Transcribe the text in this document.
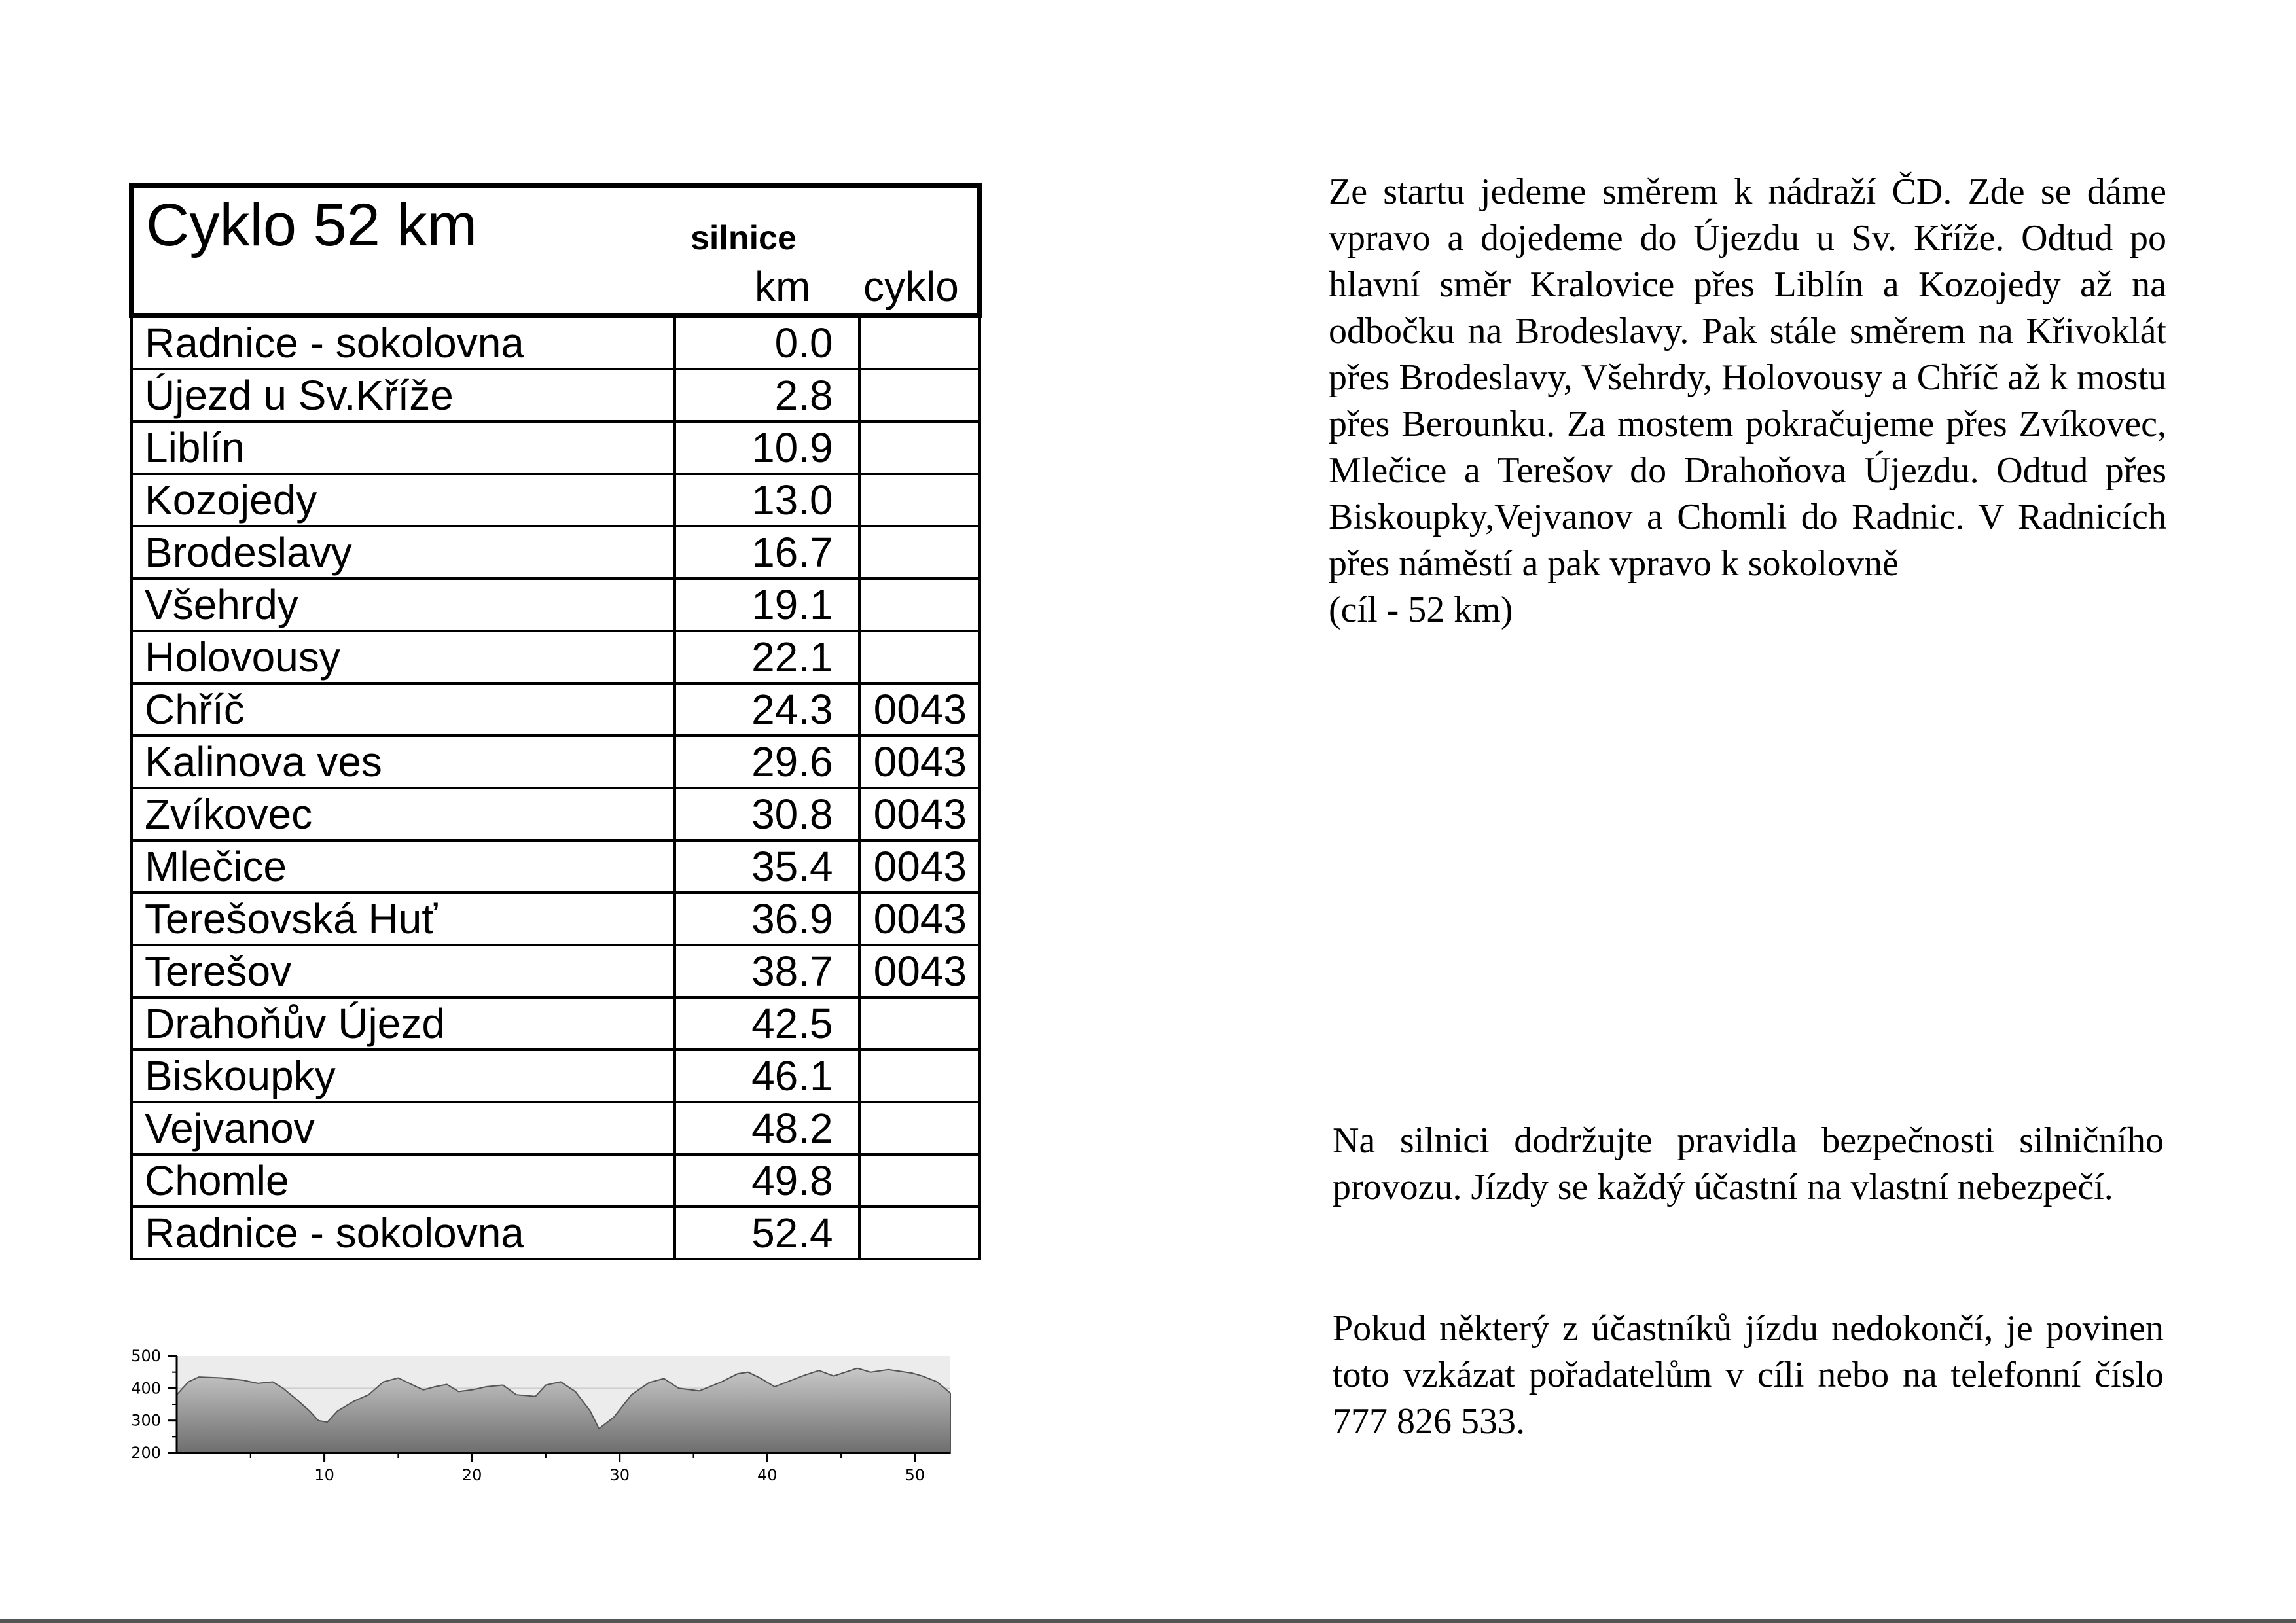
Cyklo 52 km silnice
km cyklo		

Radnice - sokolovna	0.0	
Újezd u Sv.Kříže	2.8	
Liblín	10.9	
Kozojedy	13.0	
Brodeslavy	16.7	
Všehrdy	19.1	
Holovousy	22.1	
Chříč	24.3	0043
Kalinova ves	29.6	0043
Zvíkovec	30.8	0043
Mlečice	35.4	0043
Terešovská Huť	36.9	0043
Terešov	38.7	0043
Drahoňův Újezd	42.5	
Biskoupky	46.1	
Vejvanov	48.2	
Chomle	49.8	
Radnice - sokolovna	52.4	
500
400
300
200
10	20	30	40	50

Ze startu jedeme směrem k nádraží ČD. Zde se dáme vpravo a dojedeme do Újezdu u Sv. Kříže. Odtud po hlavní směr Kralovice přes Liblín a Kozojedy až na odbočku na Brodeslavy. Pak stále směrem na Křivoklát přes Brodeslavy, Všehrdy, Holovousy a Chříč až k mostu přes Berounku. Za mostem pokračujeme přes Zvíkovec, Mlečice a Terešov do Drahoňova Újezdu. Odtud přes Biskoupky,Vejvanov a Chomli do Radnic. V Radnicích přes náměstí a pak vpravo k sokolovně

(cíl - 52 km)

Na silnici dodržujte pravidla bezpečnosti silničního provozu. Jízdy se každý účastní na vlastní nebezpečí.

Pokud některý z účastníků jízdu nedokončí, je povinen toto vzkázat pořadatelům v cíli nebo na telefonní číslo 777 826 533.
